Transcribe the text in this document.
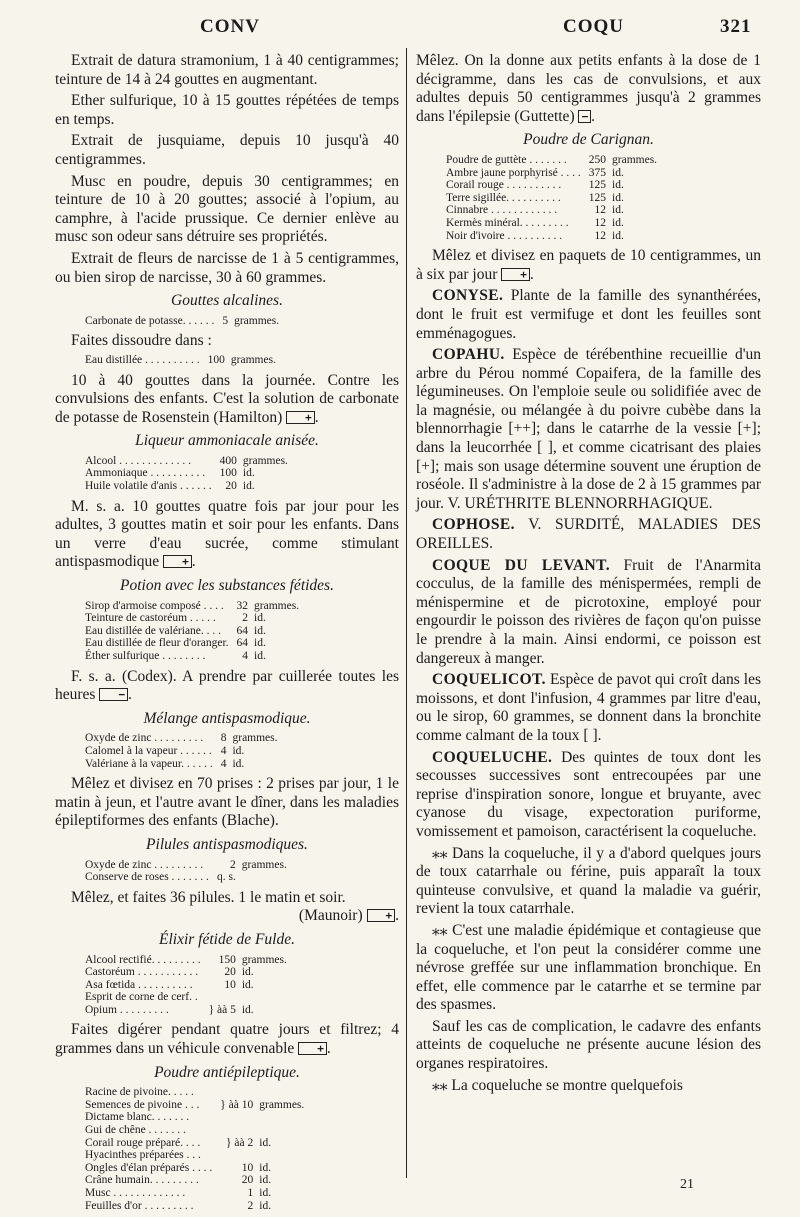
CONV	COQU	321

Extrait de datura stramonium, 1 à 40 centigrammes; teinture de 14 à 24 gouttes en augmentant.

Ether sulfurique, 10 à 15 gouttes répétées de temps en temps.

Extrait de jusquiame, depuis 10 jusqu'à 40 centigrammes.

Musc en poudre, depuis 30 centigrammes; en teinture de 10 à 20 gouttes; associé à l'opium, au camphre, à l'acide prussique. Ce dernier enlève au musc son odeur sans détruire ses propriétés.

Extrait de fleurs de narcisse de 1 à 5 centigrammes, ou bien sirop de narcisse, 30 à 60 grammes.

Gouttes alcalines.
Carbonate de potasse. . . . . .	5	grammes.

Faites dissoudre dans :

Eau distillée . . . . . . . . . .	100	grammes.

10 à 40 gouttes dans la journée. Contre les convulsions des enfants. C'est la solution de carbonate de potasse de Rosenstein (Hamilton) + .

Liqueur ammoniacale anisée.
Alcool . . . . . . . . . . . . .	400	grammes.
Ammoniaque . . . . . . . . . .	100	id.
Huile volatile d'anis . . . . . .	20	id.

M. s. a. 10 gouttes quatre fois par jour pour les adultes, 3 gouttes matin et soir pour les enfants. Dans un verre d'eau sucrée, comme stimulant antispasmodique + .

Potion avec les substances fétides.
Sirop d'armoise composé . . . .	32	grammes.
Teinture de castoréum . . . . .	2	id.
Eau distillée de valériane. . . .	64	id.
Eau distillée de fleur d'oranger.	64	id.
Éther sulfurique . . . . . . . .	4	id.

F. s. a. (Codex). A prendre par cuillerée toutes les heures − .

Mélange antispasmodique.
Oxyde de zinc . . . . . . . . .	8	grammes.
Calomel à la vapeur . . . . . .	4	id.
Valériane à la vapeur. . . . . .	4	id.

Mêlez et divisez en 70 prises : 2 prises par jour, 1 le matin à jeun, et l'autre avant le dîner, dans les maladies épileptiformes des enfants (Blache).

Pilules antispasmodiques.
Oxyde de zinc . . . . . . . . .	2	grammes.
Conserve de roses . . . . . . .	q. s.	

Mêlez, et faites 36 pilules. 1 le matin et soir.

(Maunoir) + .

Élixir fétide de Fulde.
Alcool rectifié. . . . . . . . .	150	grammes.
Castoréum . . . . . . . . . . .	20	id.
Asa fœtida . . . . . . . . . .	10	id.
Esprit de corne de cerf. .		
Opium . . . . . . . . .	} àà 5	id.

Faites digérer pendant quatre jours et filtrez; 4 grammes dans un véhicule convenable + .

Poudre antiépileptique.
Racine de pivoine. . . . .		
Semences de pivoine . . .	} àà 10	grammes.
Dictame blanc. . . . . . .		
Gui de chêne . . . . . . .		
Corail rouge préparé. . . .	} àà 2	id.
Hyacinthes préparées . . .		
Ongles d'élan préparés . . . .	10	id.
Crâne humain. . . . . . . . .	20	id.
Musc . . . . . . . . . . . . .	1	id.
Feuilles d'or . . . . . . . . .	2	id.

Mêlez. On la donne aux petits enfants à la dose de 1 décigramme, dans les cas de convulsions, et aux adultes depuis 50 centigrammes jusqu'à 2 grammes dans l'épilepsie (Guttette) − .

Poudre de Carignan.
Poudre de guttète . . . . . . .	250	grammes.
Ambre jaune porphyrisé . . . .	375	id.
Corail rouge . . . . . . . . . .	125	id.
Terre sigillée. . . . . . . . . .	125	id.
Cinnabre . . . . . . . . . . . .	12	id.
Kermès minéral. . . . . . . . .	12	id.
Noir d'ivoire . . . . . . . . . .	12	id.

Mêlez et divisez en paquets de 10 centigrammes, un à six par jour + .

CONYSE. Plante de la famille des synanthérées, dont le fruit est vermifuge et dont les feuilles sont emménagogues.

COPAHU. Espèce de térébenthine recueillie d'un arbre du Pérou nommé Copaifera, de la famille des légumineuses. On l'emploie seule ou solidifiée avec de la magnésie, ou mélangée à du poivre cubèbe dans la blennorrhagie [++]; dans le catarrhe de la vessie [+]; dans la leucorrhée [ ], et comme cicatrisant des plaies [+]; mais son usage détermine souvent une éruption de roséole. Il s'administre à la dose de 2 à 15 grammes par jour. V. URÉTHRITE BLENNORRHAGIQUE.

COPHOSE. V. SURDITÉ, MALADIES DES OREILLES.

COQUE DU LEVANT. Fruit de l'Anarmita cocculus, de la famille des ménispermées, rempli de ménispermine et de picrotoxine, employé pour engourdir le poisson des rivières de façon qu'on puisse le prendre à la main. Ainsi endormi, ce poisson est dangereux à manger.

COQUELICOT. Espèce de pavot qui croît dans les moissons, et dont l'infusion, 4 grammes par litre d'eau, ou le sirop, 60 grammes, se donnent dans la bronchite comme calmant de la toux [ ].

COQUELUCHE. Des quintes de toux dont les secousses successives sont entrecoupées par une reprise d'inspiration sonore, longue et bruyante, avec cyanose du visage, expectoration puriforme, vomissement et pamoison, caractérisent la coqueluche.

⁎⁎ Dans la coqueluche, il y a d'abord quelques jours de toux catarrhale ou férine, puis apparaît la toux quinteuse convulsive, et quand la maladie va guérir, revient la toux catarrhale.

⁎⁎ C'est une maladie épidémique et contagieuse que la coqueluche, et l'on peut la considérer comme une névrose greffée sur une inflammation bronchique. En effet, elle commence par le catarrhe et se termine par des spasmes.

Sauf les cas de complication, le cadavre des enfants atteints de coqueluche ne présente aucune lésion des organes respiratoires.

⁎⁎ La coqueluche se montre quelquefois

21
